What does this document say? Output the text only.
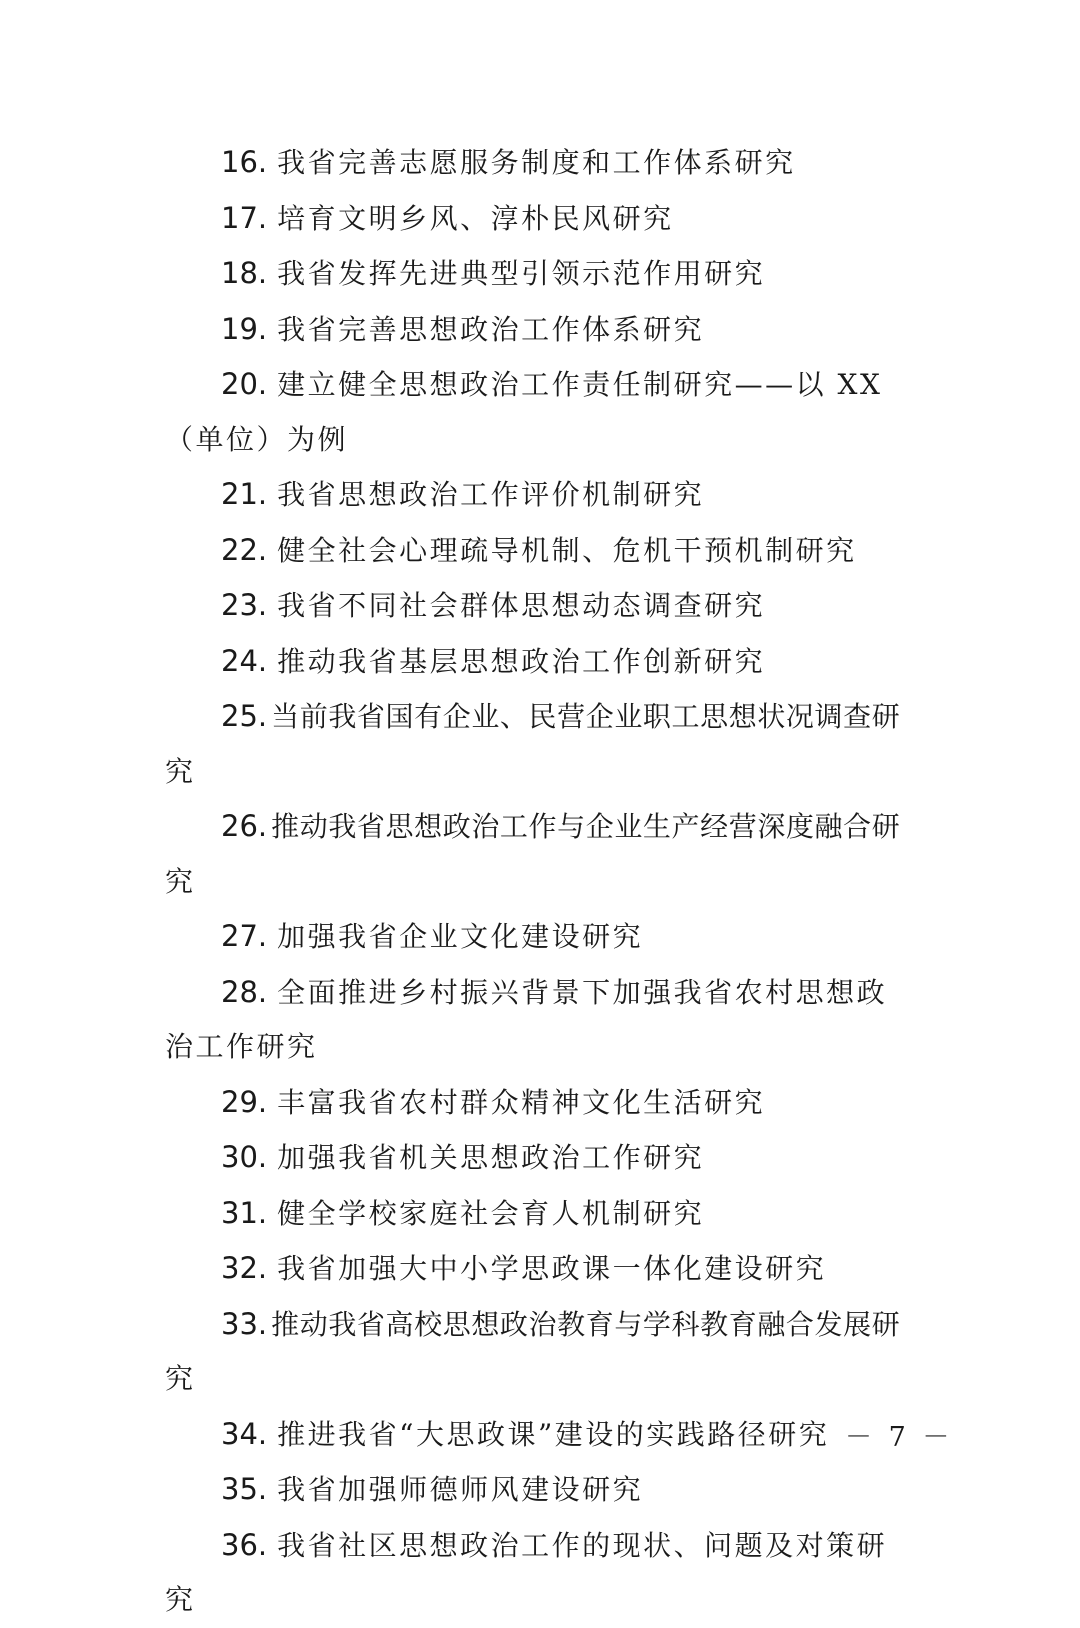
16. 我省完善志愿服务制度和工作体系研究
17. 培育文明乡风、淳朴民风研究
18. 我省发挥先进典型引领示范作用研究
19. 我省完善思想政治工作体系研究
20. 建立健全思想政治工作责任制研究——以 XX（单位）为例
21. 我省思想政治工作评价机制研究
22. 健全社会心理疏导机制、危机干预机制研究
23. 我省不同社会群体思想动态调查研究
24. 推动我省基层思想政治工作创新研究
25. 当前我省国有企业、民营企业职工思想状况调查研究
26. 推动我省思想政治工作与企业生产经营深度融合研究
27. 加强我省企业文化建设研究
28. 全面推进乡村振兴背景下加强我省农村思想政治工作研究
29. 丰富我省农村群众精神文化生活研究
30. 加强我省机关思想政治工作研究
31. 健全学校家庭社会育人机制研究
32. 我省加强大中小学思政课一体化建设研究
33. 推动我省高校思想政治教育与学科教育融合发展研究
34. 推进我省“大思政课”建设的实践路径研究
35. 我省加强师德师风建设研究
36. 我省社区思想政治工作的现状、问题及对策研究
－ 7 －
